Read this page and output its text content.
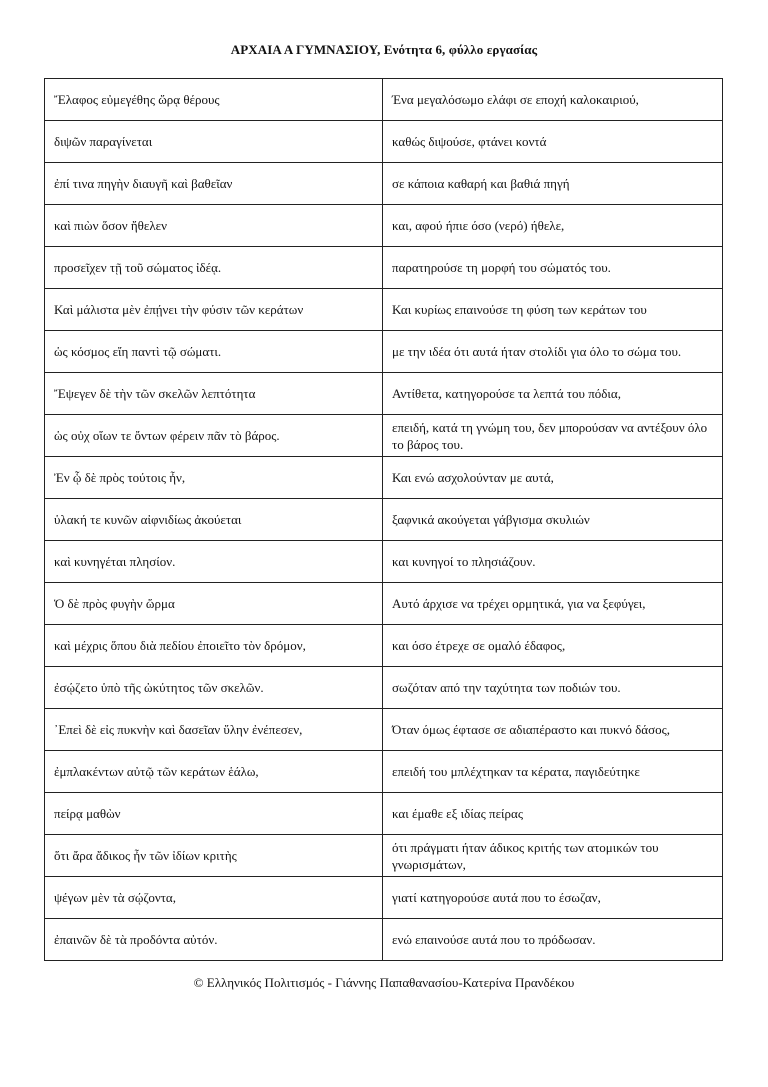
ΑΡΧΑΙΑ Α ΓΥΜΝΑΣΙΟΥ, Ενότητα 6, φύλλο εργασίας
Ἔλαφος εὐμεγέθης ὥρᾳ θέρους	Ένα μεγαλόσωμο ελάφι σε εποχή καλοκαιριού,
διψῶν παραγίνεται	καθώς διψούσε, φτάνει κοντά
ἐπί τινα πηγὴν διαυγῆ καὶ βαθεῖαν	σε κάποια καθαρή και βαθιά πηγή
καὶ πιὼν ὅσον ἤθελεν	και, αφού ήπιε όσο (νερό) ήθελε,
προσεῖχεν τῇ τοῦ σώματος ἰδέᾳ.	παρατηρούσε τη μορφή του σώματός του.
Καὶ μάλιστα μὲν ἐπῄνει τὴν φύσιν τῶν κεράτων	Και κυρίως επαινούσε τη φύση των κεράτων του
ὡς κόσμος εἴη παντὶ τῷ σώματι.	με την ιδέα ότι αυτά ήταν στολίδι για όλο το σώμα του.
Ἔψεγεν δὲ τὴν τῶν σκελῶν λεπτότητα	Αντίθετα, κατηγορούσε τα λεπτά του πόδια,
ὡς οὐχ οἵων τε ὄντων φέρειν πᾶν τὸ βάρος.	επειδή, κατά τη γνώμη του, δεν μπορούσαν να αντέξουν όλο το βάρος του.
Ἐν ᾧ δὲ πρὸς τούτοις ἦν,	Και ενώ ασχολούνταν με αυτά,
ὑλακή τε κυνῶν αἰφνιδίως ἀκούεται	ξαφνικά ακούγεται γάβγισμα σκυλιών
καὶ κυνηγέται πλησίον.	και κυνηγοί το πλησιάζουν.
Ὁ δὲ πρὸς φυγὴν ὥρμα	Αυτό άρχισε να τρέχει ορμητικά, για να ξεφύγει,
καὶ μέχρις ὅπου διὰ πεδίου ἐποιεῖτο τὸν δρόμον,	και όσο έτρεχε σε ομαλό έδαφος,
ἐσῴζετο ὑπὸ τῆς ὠκύτητος τῶν σκελῶν.	σωζόταν από την ταχύτητα των ποδιών του.
᾿Επεὶ δὲ εἰς πυκνὴν καὶ δασεῖαν ὕλην ἐνέπεσεν,	Όταν όμως έφτασε σε αδιαπέραστο και πυκνό δάσος,
ἐμπλακέντων αὐτῷ τῶν κεράτων ἑάλω,	επειδή του μπλέχτηκαν τα κέρατα, παγιδεύτηκε
πείρᾳ μαθὼν	και έμαθε εξ ιδίας πείρας
ὅτι ἄρα ἄδικος ἦν τῶν ἰδίων κριτὴς	ότι πράγματι ήταν άδικος κριτής των ατομικών του γνωρισμάτων,
ψέγων μὲν τὰ σῴζοντα,	γιατί κατηγορούσε αυτά που το έσωζαν,
ἐπαινῶν δὲ τὰ προδόντα αὐτόν.	ενώ επαινούσε αυτά που το πρόδωσαν.
© Ελληνικός Πολιτισμός - Γιάννης Παπαθανασίου-Κατερίνα Πρανδέκου
